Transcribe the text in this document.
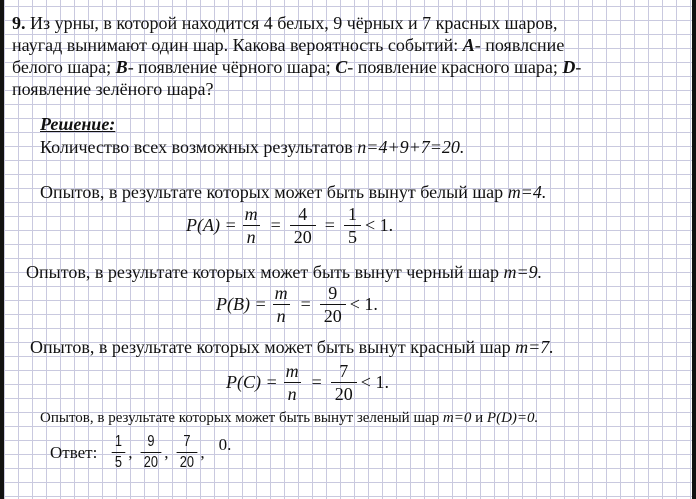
9. Из урны, в которой находится 4 белых, 9 чёрных и 7 красных шаров,
наугад вынимают один шар. Какова вероятность событий: A- появлсние
белого шара; B- появление чёрного шара; C- появление красного шара; D-
появление зелёного шара?
Решение:
Количество всех возможных результатов n=4+9+7=20.
Опытов, в результате которых может быть вынут белый шар m=4.
$P(A) = \frac{m}{n} = \frac{4}{20} = \frac{1}{5} < 1$.
Опытов, в результате которых может быть вынут черный шар m=9.
$P(B) = \frac{m}{n} = \frac{9}{20} < 1$.
Опытов, в результате которых может быть вынут красный шар m=7.
$P(C) = \frac{m}{n} = \frac{7}{20} < 1$.
Опытов, в результате которых может быть вынут зеленый шар m=0 и P(D)=0.
Ответ: $\frac{1}{5}$ , $\frac{9}{20}$ , $\frac{7}{20}$ , 0.
